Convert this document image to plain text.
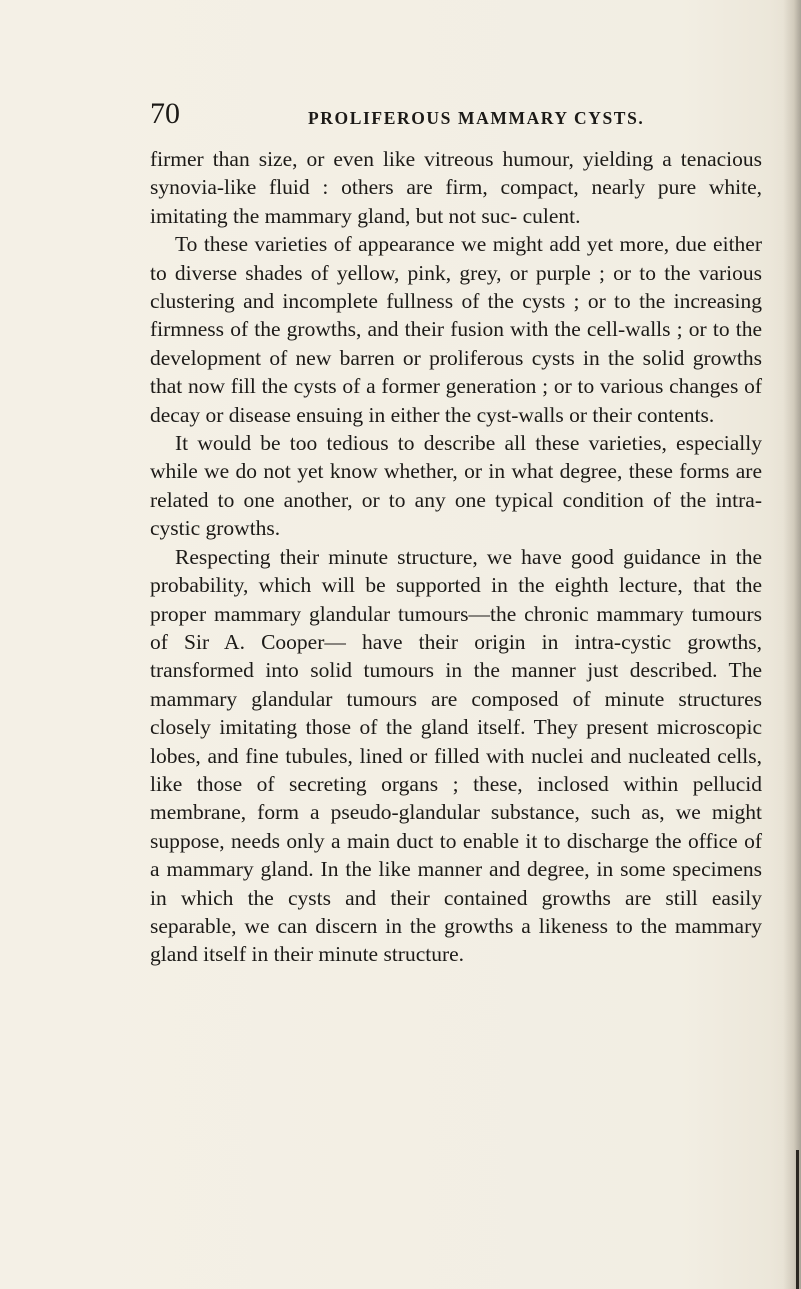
70	PROLIFEROUS MAMMARY CYSTS.

firmer than size, or even like vitreous humour, yielding a tenacious synovia-like fluid : others are firm, compact, nearly pure white, imitating the mammary gland, but not suc- culent.

To these varieties of appearance we might add yet more, due either to diverse shades of yellow, pink, grey, or purple ; or to the various clustering and incomplete fullness of the cysts ; or to the increasing firmness of the growths, and their fusion with the cell-walls ; or to the development of new barren or proliferous cysts in the solid growths that now fill the cysts of a former generation ; or to various changes of decay or disease ensuing in either the cyst-walls or their contents.

It would be too tedious to describe all these varieties, especially while we do not yet know whether, or in what degree, these forms are related to one another, or to any one typical condition of the intra-cystic growths.

Respecting their minute structure, we have good guidance in the probability, which will be supported in the eighth lecture, that the proper mammary glandular tumours—the chronic mammary tumours of Sir A. Cooper— have their origin in intra-cystic growths, transformed into solid tumours in the manner just described. The mammary glandular tumours are composed of minute structures closely imitating those of the gland itself. They present microscopic lobes, and fine tubules, lined or filled with nuclei and nucleated cells, like those of secreting organs ; these, inclosed within pellucid membrane, form a pseudo-glandular substance, such as, we might suppose, needs only a main duct to enable it to discharge the office of a mammary gland. In the like manner and degree, in some specimens in which the cysts and their contained growths are still easily separable, we can discern in the growths a likeness to the mammary gland itself in their minute structure.
